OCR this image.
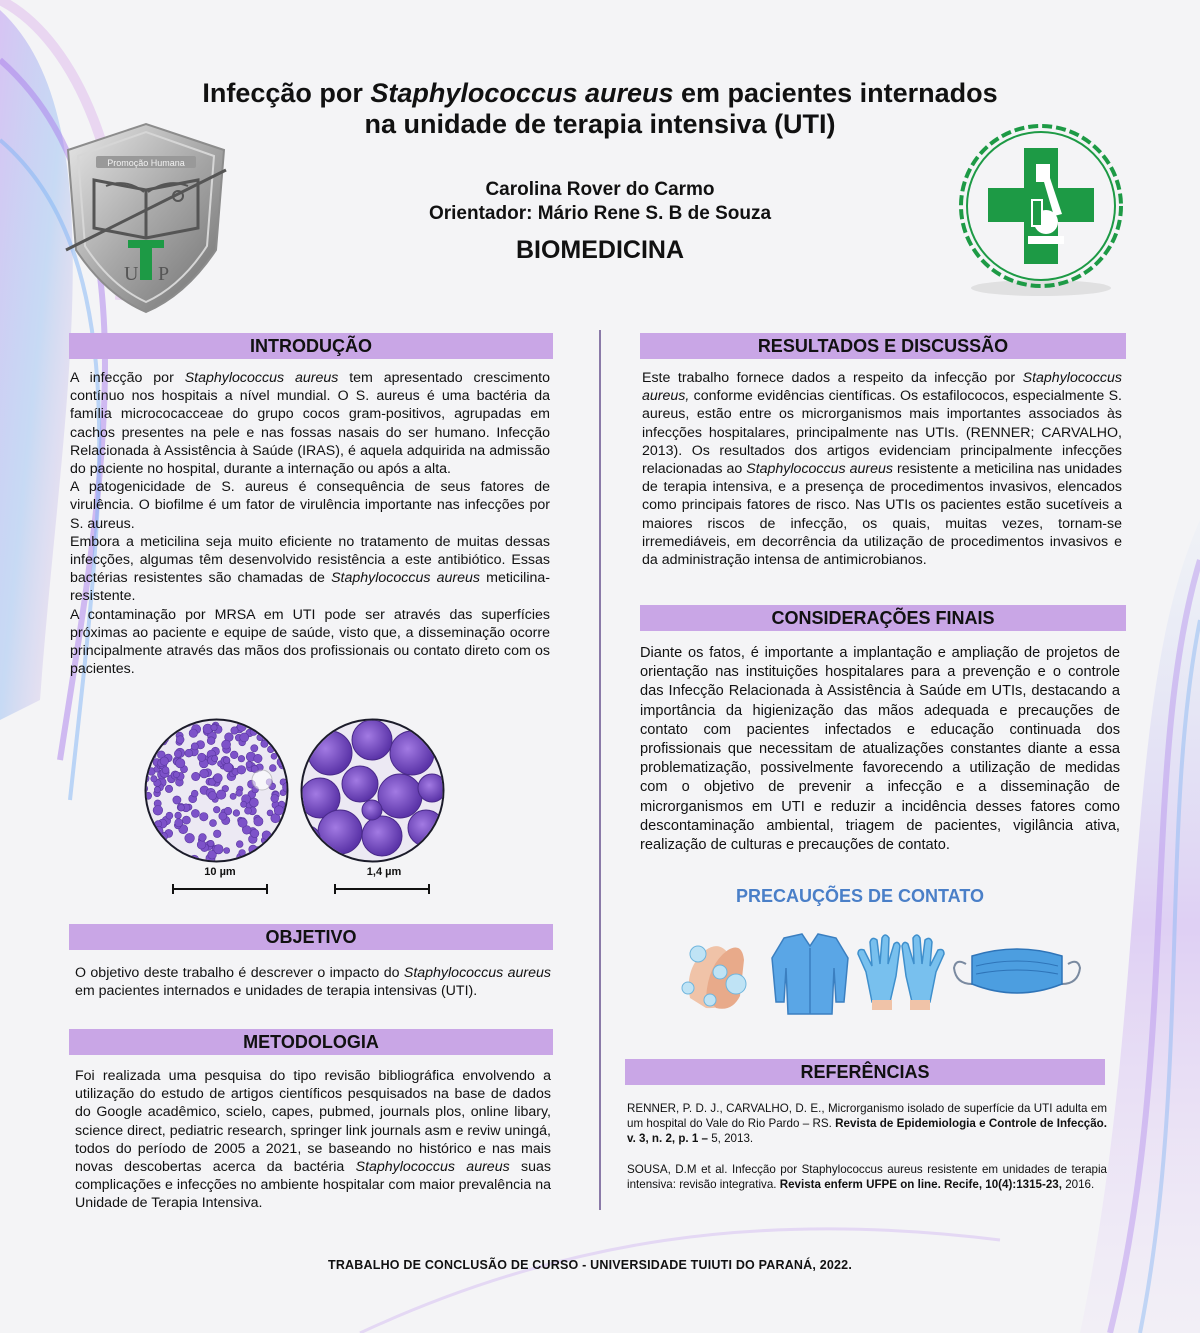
Promoção Humana
U P
Infecção por Staphylococcus aureus em pacientes internados
na unidade de terapia intensiva (UTI)
Carolina Rover do Carmo
Orientador: Mário Rene S. B de Souza
BIOMEDICINA
INTRODUÇÃO

A infecção por Staphylococcus aureus tem apresentado crescimento contínuo nos hospitais a nível mundial. O S. aureus é uma bactéria da família micrococacceae do grupo cocos gram-positivos, agrupadas em cachos presentes na pele e nas fossas nasais do ser humano. Infecção Relacionada à Assistência à Saúde (IRAS), é aquela adquirida na admissão do paciente no hospital, durante a internação ou após a alta.

A patogenicidade de S. aureus é consequência de seus fatores de virulência. O biofilme é um fator de virulência importante nas infecções por S. aureus.

Embora a meticilina seja muito eficiente no tratamento de muitas dessas infecções, algumas têm desenvolvido resistência a este antibiótico. Essas bactérias resistentes são chamadas de Staphylococcus aureus meticilina-resistente.

A contaminação por MRSA em UTI pode ser através das superfícies próximas ao paciente e equipe de saúde, visto que, a disseminação ocorre principalmente através das mãos dos profissionais ou contato direto com os pacientes.

10 µm	1,4 µm
OBJETIVO

O objetivo deste trabalho é descrever o impacto do Staphylococcus aureus em pacientes internados e unidades de terapia intensivas (UTI).

METODOLOGIA

Foi realizada uma pesquisa do tipo revisão bibliográfica envolvendo a utilização do estudo de artigos científicos pesquisados na base de dados do Google acadêmico, scielo, capes, pubmed, journals plos, online libary, science direct, pediatric research, springer link journals asm e reviw uningá, todos do período de 2005 a 2021, se baseando no histórico e nas mais novas descobertas acerca da bactéria Staphylococcus aureus suas complicações e infecções no ambiente hospitalar com maior prevalência na Unidade de Terapia Intensiva.

RESULTADOS E DISCUSSÃO

Este trabalho fornece dados a respeito da infecção por Staphylococcus aureus, conforme evidências científicas. Os estafilococos, especialmente S. aureus, estão entre os microrganismos mais importantes associados às infecções hospitalares, principalmente nas UTIs. (RENNER; CARVALHO, 2013). Os resultados dos artigos evidenciam principalmente infecções relacionadas ao Staphylococcus aureus resistente a meticilina nas unidades de terapia intensiva, e a presença de procedimentos invasivos, elencados como principais fatores de risco. Nas UTIs os pacientes estão sucetíveis a maiores riscos de infecção, os quais, muitas vezes, tornam-se irremediáveis, em decorrência da utilização de procedimentos invasivos e da administração intensa de antimicrobianos.

CONSIDERAÇÕES FINAIS

Diante os fatos, é importante a implantação e ampliação de projetos de orientação nas instituições hospitalares para a prevenção e o controle das Infecção Relacionada à Assistência à Saúde em UTIs, destacando a importância da higienização das mãos adequada e precauções de contato com pacientes infectados e educação continuada dos profissionais que necessitam de atualizações constantes diante a essa problematização, possivelmente favorecendo a utilização de medidas com o objetivo de prevenir a infecção e a disseminação de microrganismos em UTI e reduzir a incidência desses fatores como descontaminação ambiental, triagem de pacientes, vigilância ativa, realização de culturas e precauções de contato.

PRECAUÇÕES DE CONTATO
REFERÊNCIAS
RENNER, P. D. J., CARVALHO, D. E., Microrganismo isolado de superfície da UTI adulta em um hospital do Vale do Rio Pardo – RS. Revista de Epidemiologia e Controle de Infecção. v. 3, n. 2, p. 1 – 5, 2013.
SOUSA, D.M et al. Infecção por Staphylococcus aureus resistente em unidades de terapia intensiva: revisão integrativa. Revista enferm UFPE on line. Recife, 10(4):1315-23, 2016.
TRABALHO DE CONCLUSÃO DE CURSO - UNIVERSIDADE TUIUTI DO PARANÁ, 2022.
